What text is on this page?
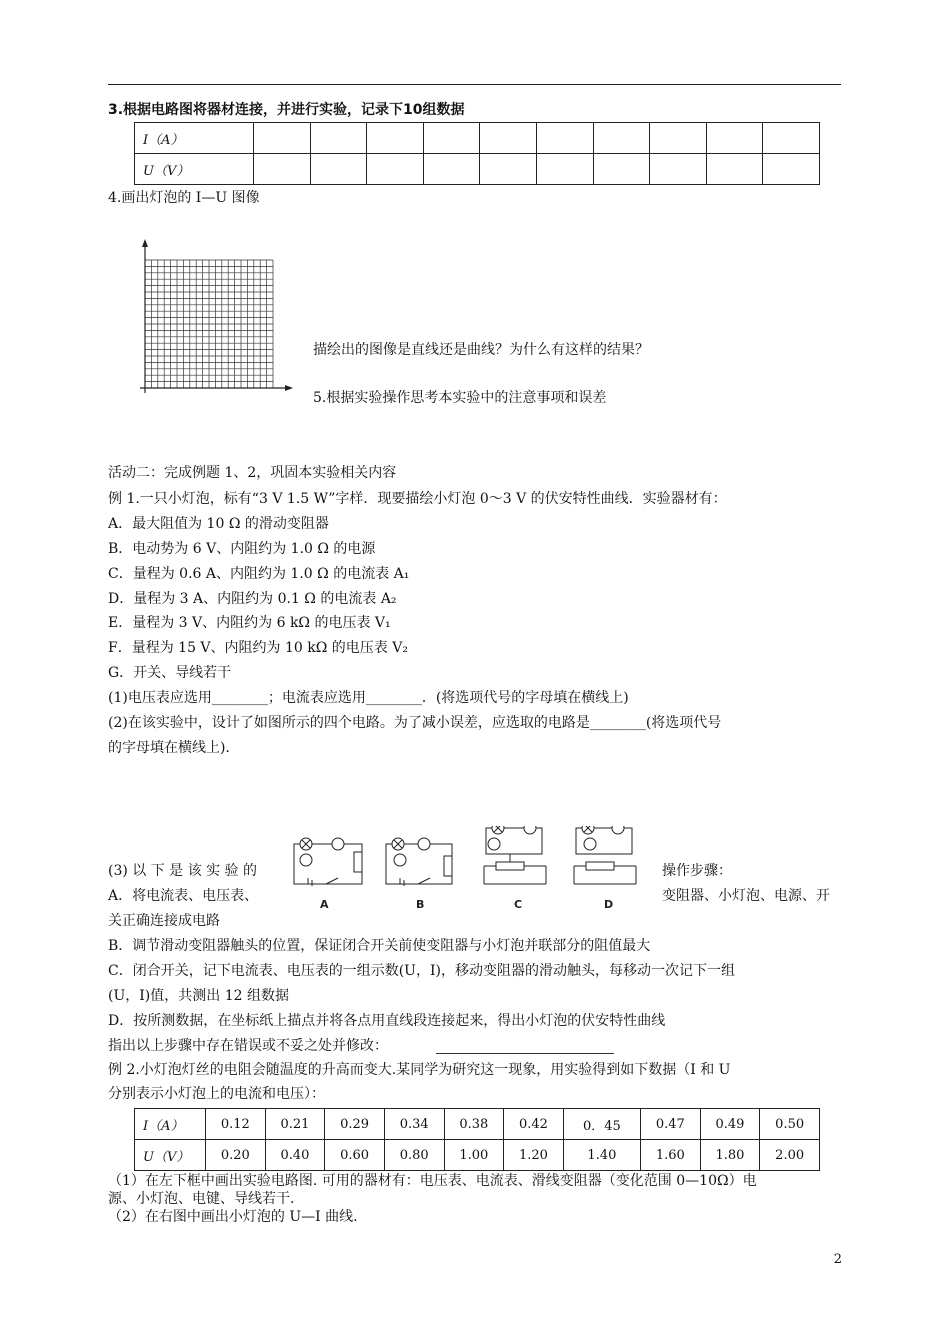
3.根据电路图将器材连接，并进行实验，记录下10组数据
I（A）										
U（V）										
4.画出灯泡的 I—U 图像
描绘出的图像是直线还是曲线？为什么有这样的结果？
5.根据实验操作思考本实验中的注意事项和误差
活动二：完成例题 1、2，巩固本实验相关内容
例 1.一只小灯泡，标有“3 V 1.5 W”字样．现要描绘小灯泡 0～3 V 的伏安特性曲线．实验器材有：
A．最大阻值为 10 Ω 的滑动变阻器
B．电动势为 6 V、内阻约为 1.0 Ω 的电源
C．量程为 0.6 A、内阻约为 1.0 Ω 的电流表 A₁
D．量程为 3 A、内阻约为 0.1 Ω 的电流表 A₂
E．量程为 3 V、内阻约为 6 kΩ 的电压表 V₁
F．量程为 15 V、内阻约为 10 kΩ 的电压表 V₂
G．开关、导线若干
(1)电压表应选用________；电流表应选用________．(将选项代号的字母填在横线上)
(2)在该实验中，设计了如图所示的四个电路。为了减小误差，应选取的电路是________(将选项代号
的字母填在横线上)．
(3) 以 下 是 该 实 验 的	操作步骤：
A．将电流表、电压表、	变阻器、小灯泡、电源、开
关正确连接成电路
A	B	C	D
B．调节滑动变阻器触头的位置，保证闭合开关前使变阻器与小灯泡并联部分的阻值最大
C．闭合开关，记下电流表、电压表的一组示数(U，I)，移动变阻器的滑动触头，每移动一次记下一组
(U，I)值，共测出 12 组数据
D．按所测数据，在坐标纸上描点并将各点用直线段连接起来，得出小灯泡的伏安特性曲线
指出以上步骤中存在错误或不妥之处并修改：
例 2.小灯泡灯丝的电阻会随温度的升高而变大.某同学为研究这一现象，用实验得到如下数据（I 和 U
分别表示小灯泡上的电流和电压）：
I（A）	0.12	0.21	0.29	0.34	0.38	0.42	0．45	0.47	0.49	0.50
U（V）	0.20	0.40	0.60	0.80	1.00	1.20	1.40	1.60	1.80	2.00
（1）在左下框中画出实验电路图. 可用的器材有：电压表、电流表、滑线变阻器（变化范围 0—10Ω）电
源、小灯泡、电键、导线若干.
（2）在右图中画出小灯泡的 U—I 曲线.
2
